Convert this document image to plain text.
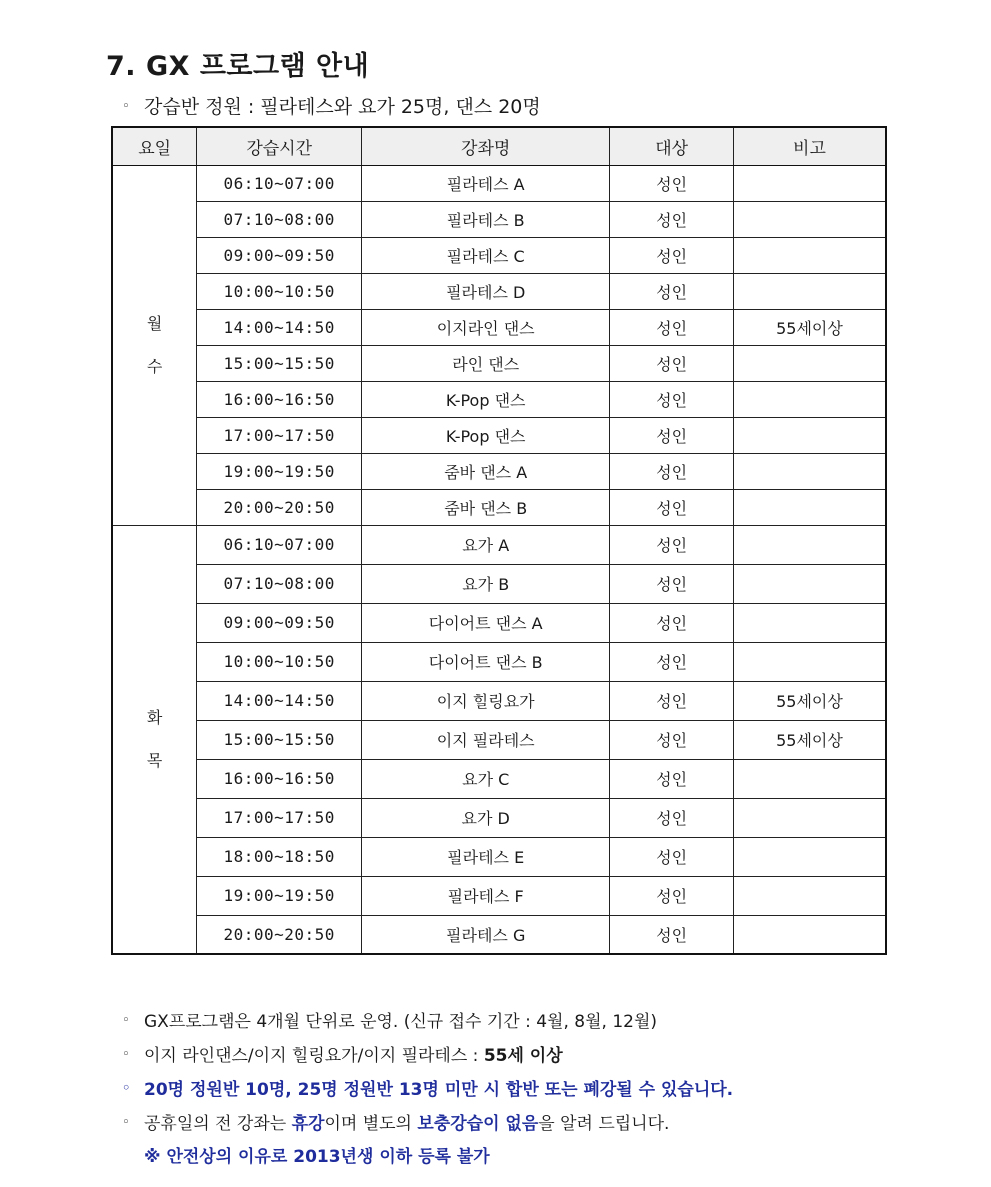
7. GX 프로그램 안내
◦ 강습반 정원 : 필라테스와 요가 25명, 댄스 20명
요일	강습시간	강좌명	대상	비고

월
수	06:10~07:00	필라테스 A	성인	
	07:10~08:00	필라테스 B	성인	
	09:00~09:50	필라테스 C	성인	
	10:00~10:50	필라테스 D	성인	
	14:00~14:50	이지라인 댄스	성인	55세이상
	15:00~15:50	라인 댄스	성인	
	16:00~16:50	K-Pop 댄스	성인	
	17:00~17:50	K-Pop 댄스	성인	
	19:00~19:50	줌바 댄스 A	성인	
	20:00~20:50	줌바 댄스 B	성인	

화
목	06:10~07:00	요가 A	성인	
	07:10~08:00	요가 B	성인	
	09:00~09:50	다이어트 댄스 A	성인	
	10:00~10:50	다이어트 댄스 B	성인	
	14:00~14:50	이지 힐링요가	성인	55세이상
	15:00~15:50	이지 필라테스	성인	55세이상
	16:00~16:50	요가 C	성인	
	17:00~17:50	요가 D	성인	
	18:00~18:50	필라테스 E	성인	
	19:00~19:50	필라테스 F	성인	
	20:00~20:50	필라테스 G	성인	
◦ GX프로그램은 4개월 단위로 운영. (신규 접수 기간 : 4월, 8월, 12월)
◦ 이지 라인댄스/이지 힐링요가/이지 필라테스 : 55세 이상
◦ 20명 정원반 10명, 25명 정원반 13명 미만 시 합반 또는 폐강될 수 있습니다.
◦ 공휴일의 전 강좌는 휴강이며 별도의 보충강습이 없음을 알려 드립니다.
※ 안전상의 이유로 2013년생 이하 등록 불가
